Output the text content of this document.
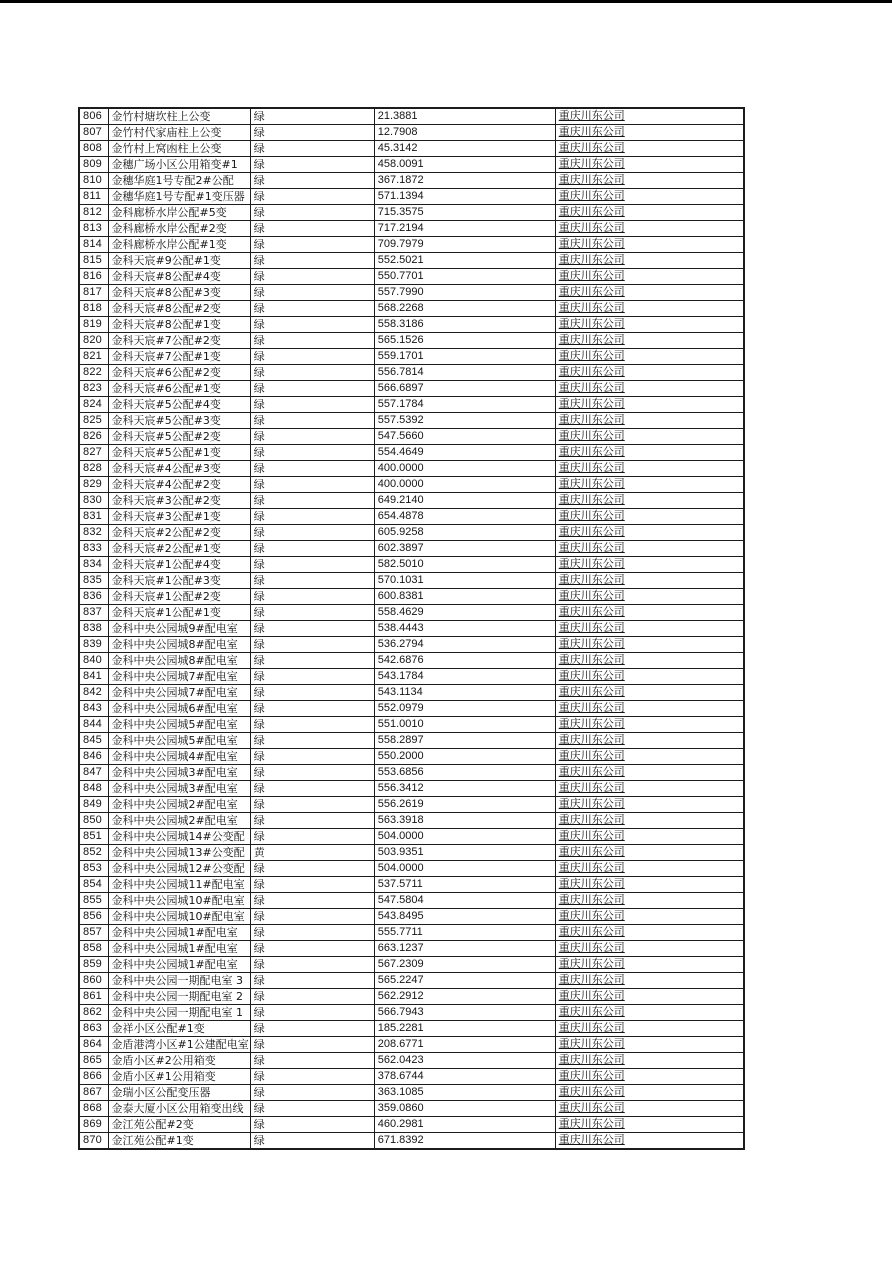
806	金竹村塘坎柱上公变	绿	21.3881	重庆川东公司
807	金竹村代家庙柱上公变	绿	12.7908	重庆川东公司
808	金竹村上窝凼柱上公变	绿	45.3142	重庆川东公司
809	金穗广场小区公用箱变#1	绿	458.0091	重庆川东公司
810	金穗华庭1号专配2#公配	绿	367.1872	重庆川东公司
811	金穗华庭1号专配#1变压器	绿	571.1394	重庆川东公司
812	金科廊桥水岸公配#5变	绿	715.3575	重庆川东公司
813	金科廊桥水岸公配#2变	绿	717.2194	重庆川东公司
814	金科廊桥水岸公配#1变	绿	709.7979	重庆川东公司
815	金科天宸#9公配#1变	绿	552.5021	重庆川东公司
816	金科天宸#8公配#4变	绿	550.7701	重庆川东公司
817	金科天宸#8公配#3变	绿	557.7990	重庆川东公司
818	金科天宸#8公配#2变	绿	568.2268	重庆川东公司
819	金科天宸#8公配#1变	绿	558.3186	重庆川东公司
820	金科天宸#7公配#2变	绿	565.1526	重庆川东公司
821	金科天宸#7公配#1变	绿	559.1701	重庆川东公司
822	金科天宸#6公配#2变	绿	556.7814	重庆川东公司
823	金科天宸#6公配#1变	绿	566.6897	重庆川东公司
824	金科天宸#5公配#4变	绿	557.1784	重庆川东公司
825	金科天宸#5公配#3变	绿	557.5392	重庆川东公司
826	金科天宸#5公配#2变	绿	547.5660	重庆川东公司
827	金科天宸#5公配#1变	绿	554.4649	重庆川东公司
828	金科天宸#4公配#3变	绿	400.0000	重庆川东公司
829	金科天宸#4公配#2变	绿	400.0000	重庆川东公司
830	金科天宸#3公配#2变	绿	649.2140	重庆川东公司
831	金科天宸#3公配#1变	绿	654.4878	重庆川东公司
832	金科天宸#2公配#2变	绿	605.9258	重庆川东公司
833	金科天宸#2公配#1变	绿	602.3897	重庆川东公司
834	金科天宸#1公配#4变	绿	582.5010	重庆川东公司
835	金科天宸#1公配#3变	绿	570.1031	重庆川东公司
836	金科天宸#1公配#2变	绿	600.8381	重庆川东公司
837	金科天宸#1公配#1变	绿	558.4629	重庆川东公司
838	金科中央公园城9#配电室	绿	538.4443	重庆川东公司
839	金科中央公园城8#配电室	绿	536.2794	重庆川东公司
840	金科中央公园城8#配电室	绿	542.6876	重庆川东公司
841	金科中央公园城7#配电室	绿	543.1784	重庆川东公司
842	金科中央公园城7#配电室	绿	543.1134	重庆川东公司
843	金科中央公园城6#配电室	绿	552.0979	重庆川东公司
844	金科中央公园城5#配电室	绿	551.0010	重庆川东公司
845	金科中央公园城5#配电室	绿	558.2897	重庆川东公司
846	金科中央公园城4#配电室	绿	550.2000	重庆川东公司
847	金科中央公园城3#配电室	绿	553.6856	重庆川东公司
848	金科中央公园城3#配电室	绿	556.3412	重庆川东公司
849	金科中央公园城2#配电室	绿	556.2619	重庆川东公司
850	金科中央公园城2#配电室	绿	563.3918	重庆川东公司
851	金科中央公园城14#公变配	绿	504.0000	重庆川东公司
852	金科中央公园城13#公变配	黄	503.9351	重庆川东公司
853	金科中央公园城12#公变配	绿	504.0000	重庆川东公司
854	金科中央公园城11#配电室	绿	537.5711	重庆川东公司
855	金科中央公园城10#配电室	绿	547.5804	重庆川东公司
856	金科中央公园城10#配电室	绿	543.8495	重庆川东公司
857	金科中央公园城1#配电室	绿	555.7711	重庆川东公司
858	金科中央公园城1#配电室	绿	663.1237	重庆川东公司
859	金科中央公园城1#配电室	绿	567.2309	重庆川东公司
860	金科中央公园一期配电室 3	绿	565.2247	重庆川东公司
861	金科中央公园一期配电室 2	绿	562.2912	重庆川东公司
862	金科中央公园一期配电室 1	绿	566.7943	重庆川东公司
863	金祥小区公配#1变	绿	185.2281	重庆川东公司
864	金盾港湾小区#1公建配电室	绿	208.6771	重庆川东公司
865	金盾小区#2公用箱变	绿	562.0423	重庆川东公司
866	金盾小区#1公用箱变	绿	378.6744	重庆川东公司
867	金瑞小区公配变压器	绿	363.1085	重庆川东公司
868	金泰大厦小区公用箱变出线	绿	359.0860	重庆川东公司
869	金江苑公配#2变	绿	460.2981	重庆川东公司
870	金江苑公配#1变	绿	671.8392	重庆川东公司
